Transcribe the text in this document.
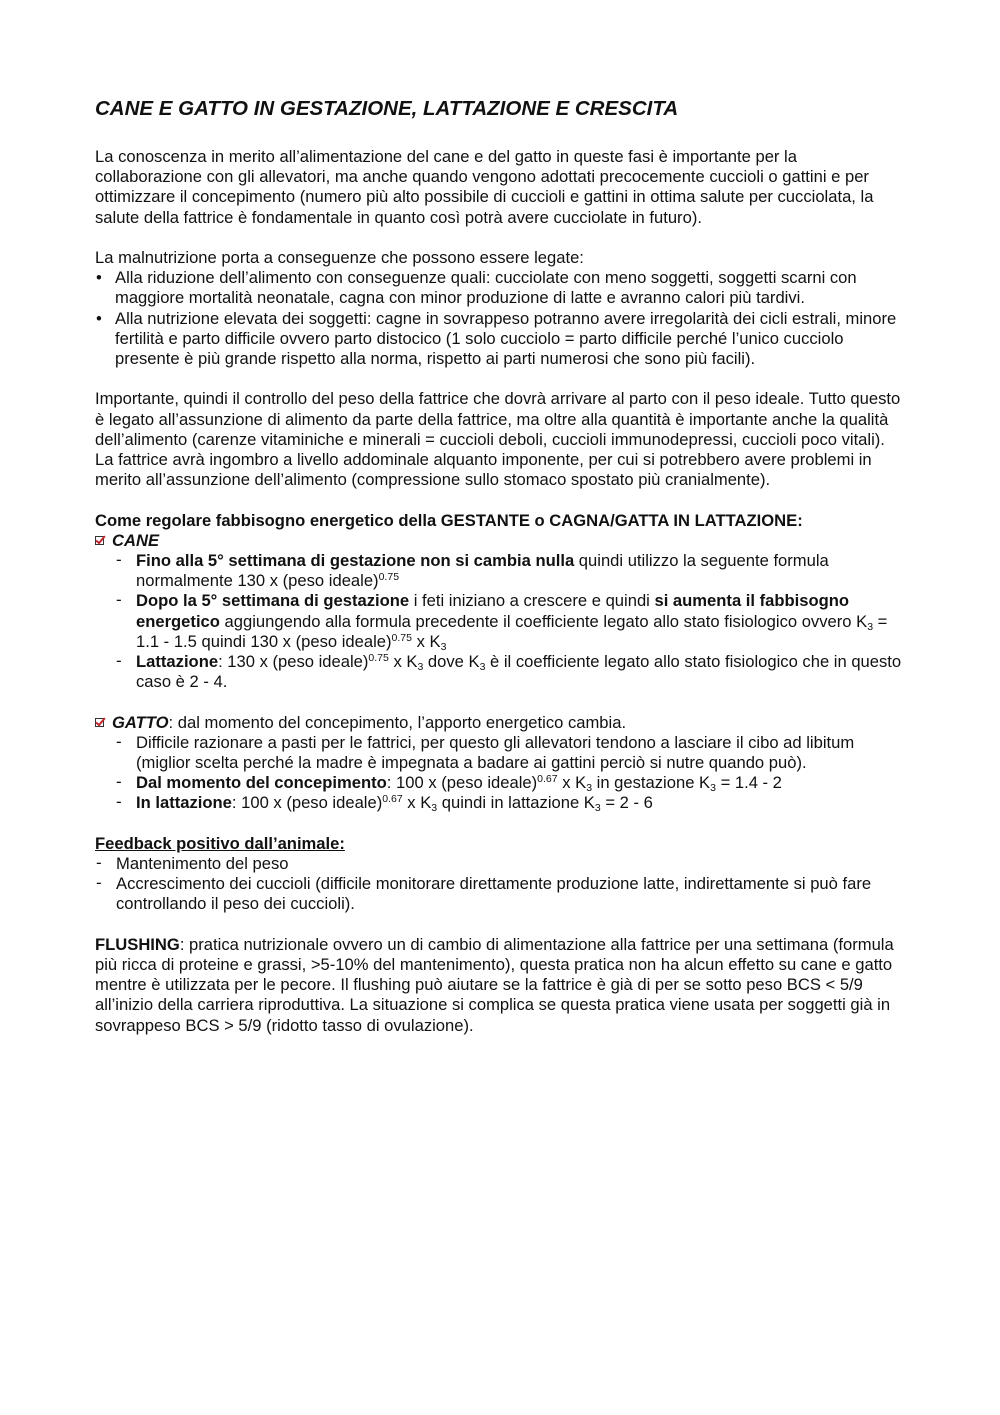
CANE E GATTO IN GESTAZIONE, LATTAZIONE E CRESCITA

La conoscenza in merito all’alimentazione del cane e del gatto in queste fasi è importante per la collaborazione con gli allevatori, ma anche quando vengono adottati precocemente cuccioli o gattini e per ottimizzare il concepimento (numero più alto possibile di cuccioli e gattini in ottima salute per cucciolata, la salute della fattrice è fondamentale in quanto così potrà avere cucciolate in futuro).

La malnutrizione porta a conseguenze che possono essere legate:

• Alla riduzione dell’alimento con conseguenze quali: cucciolate con meno soggetti, soggetti scarni con maggiore mortalità neonatale, cagna con minor produzione di latte e avranno calori più tardivi.
• Alla nutrizione elevata dei soggetti: cagne in sovrappeso potranno avere irregolarità dei cicli estrali, minore fertilità e parto difficile ovvero parto distocico (1 solo cucciolo = parto difficile perché l’unico cucciolo presente è più grande rispetto alla norma, rispetto ai parti numerosi che sono più facili).

Importante, quindi il controllo del peso della fattrice che dovrà arrivare al parto con il peso ideale. Tutto questo è legato all’assunzione di alimento da parte della fattrice, ma oltre alla quantità è importante anche la qualità dell’alimento (carenze vitaminiche e minerali = cuccioli deboli, cuccioli immunodepressi, cuccioli poco vitali).

La fattrice avrà ingombro a livello addominale alquanto imponente, per cui si potrebbero avere problemi in merito all’assunzione dell’alimento (compressione sullo stomaco spostato più cranialmente).

Come regolare fabbisogno energetico della GESTANTE o CAGNA/GATTA IN LATTAZIONE:

CANE

- Fino alla 5° settimana di gestazione non si cambia nulla quindi utilizzo la seguente formula normalmente 130 x (peso ideale)$^{0.75}$
- Dopo la 5° settimana di gestazione i feti iniziano a crescere e quindi si aumenta il fabbisogno energetico aggiungendo alla formula precedente il coefficiente legato allo stato fisiologico ovvero $K_3 = 1.1 - 1.5$ quindi 130 x (peso ideale)$^{0.75}$ x $K_3$
- Lattazione: 130 x (peso ideale)$^{0.75}$ x $K_3$ dove $K_3$ è il coefficiente legato allo stato fisiologico che in questo caso è 2 - 4.

GATTO: dal momento del concepimento, l’apporto energetico cambia.

- Difficile razionare a pasti per le fattrici, per questo gli allevatori tendono a lasciare il cibo ad libitum (miglior scelta perché la madre è impegnata a badare ai gattini perciò si nutre quando può).
- Dal momento del concepimento: 100 x (peso ideale)$^{0.67}$ x $K_3$ in gestazione $K_3 = 1.4 - 2$
- In lattazione: 100 x (peso ideale)$^{0.67}$ x $K_3$ quindi in lattazione $K_3 = 2 - 6$

Feedback positivo dall’animale:

- Mantenimento del peso
- Accrescimento dei cuccioli (difficile monitorare direttamente produzione latte, indirettamente si può fare controllando il peso dei cuccioli).

FLUSHING: pratica nutrizionale ovvero un di cambio di alimentazione alla fattrice per una settimana (formula più ricca di proteine e grassi, >5-10% del mantenimento), questa pratica non ha alcun effetto su cane e gatto mentre è utilizzata per le pecore. Il flushing può aiutare se la fattrice è già di per se sotto peso BCS < 5/9 all’inizio della carriera riproduttiva. La situazione si complica se questa pratica viene usata per soggetti già in sovrappeso BCS > 5/9 (ridotto tasso di ovulazione).
